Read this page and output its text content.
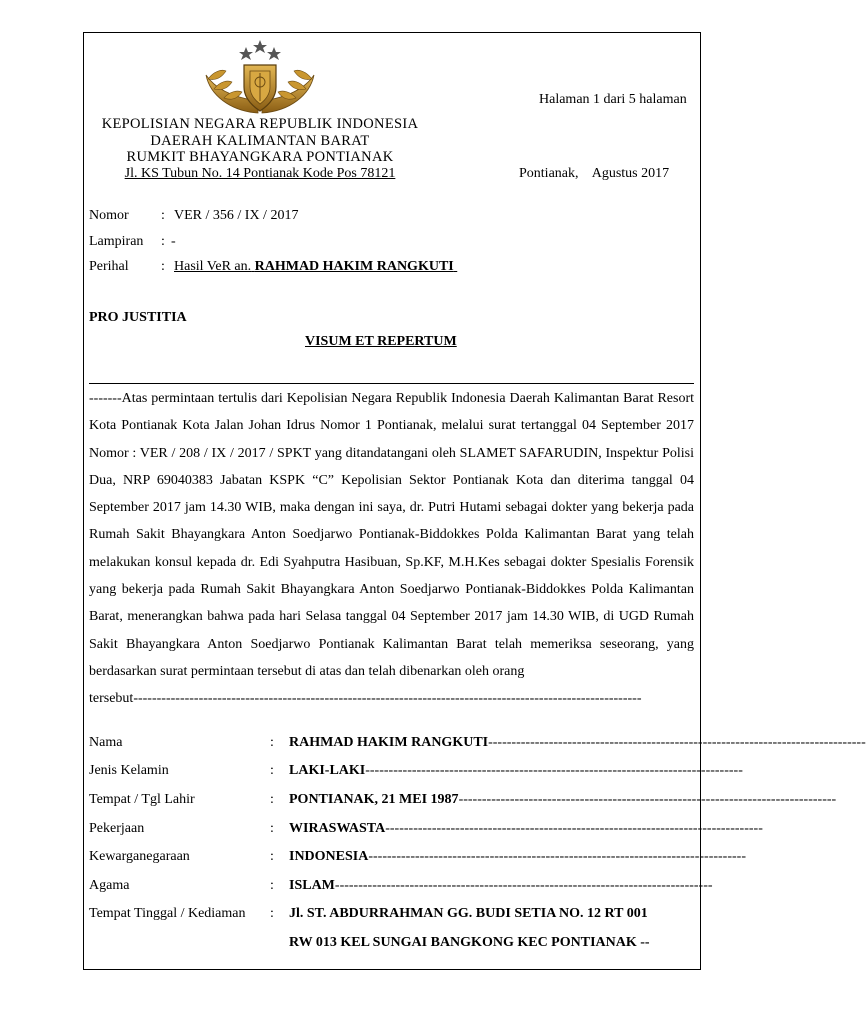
Halaman 1 dari 5 halaman
KEPOLISIAN NEGARA REPUBLIK INDONESIA
DAERAH KALIMANTAN BARAT
RUMKIT BHAYANGKARA PONTIANAK
Jl. KS Tubun No. 14 Pontianak Kode Pos 78121	Pontianak,    Agustus 2017
Nomor : VER / 356 / IX / 2017
Lampiran : -
Perihal : Hasil VeR an. RAHMAD HAKIM RANGKUTI
PRO JUSTITIA
VISUM ET REPERTUM
-------Atas permintaan tertulis dari Kepolisian Negara Republik Indonesia Daerah Kalimantan Barat Resort Kota Pontianak Kota Jalan Johan Idrus Nomor 1 Pontianak, melalui surat tertanggal 04 September 2017 Nomor : VER / 208 / IX / 2017 / SPKT yang ditandatangani oleh SLAMET SAFARUDIN, Inspektur Polisi Dua, NRP 69040383 Jabatan KSPK “C” Kepolisian Sektor Pontianak Kota dan diterima tanggal 04 September 2017 jam 14.30 WIB, maka dengan ini saya, dr. Putri Hutami sebagai dokter yang bekerja pada Rumah Sakit Bhayangkara Anton Soedjarwo Pontianak-Biddokkes Polda Kalimantan Barat yang telah melakukan konsul kepada dr. Edi Syahputra Hasibuan, Sp.KF, M.H.Kes sebagai dokter Spesialis Forensik yang bekerja pada Rumah Sakit Bhayangkara Anton Soedjarwo Pontianak-Biddokkes Polda Kalimantan Barat, menerangkan bahwa pada hari Selasa tanggal 04 September 2017 jam 14.30 WIB, di UGD Rumah Sakit Bhayangkara Anton Soedjarwo Pontianak Kalimantan Barat telah memeriksa seseorang, yang berdasarkan surat permintaan tersebut di atas dan telah dibenarkan oleh orang
tersebut-------------------------------------------------------------------------------------------------------------
Nama	: RAHMAD HAKIM RANGKUTI---------------------------------------------------------------------------------
Jenis Kelamin	: LAKI-LAKI---------------------------------------------------------------------------------
Tempat / Tgl Lahir	: PONTIANAK, 21 MEI 1987---------------------------------------------------------------------------------
Pekerjaan	: WIRASWASTA---------------------------------------------------------------------------------
Kewarganegaraan	: INDONESIA---------------------------------------------------------------------------------
Agama	: ISLAM---------------------------------------------------------------------------------
Tempat Tinggal / Kediaman : Jl. ST. ABDURRAHMAN GG. BUDI SETIA NO. 12 RT 001
RW 013 KEL SUNGAI BANGKONG KEC PONTIANAK --
